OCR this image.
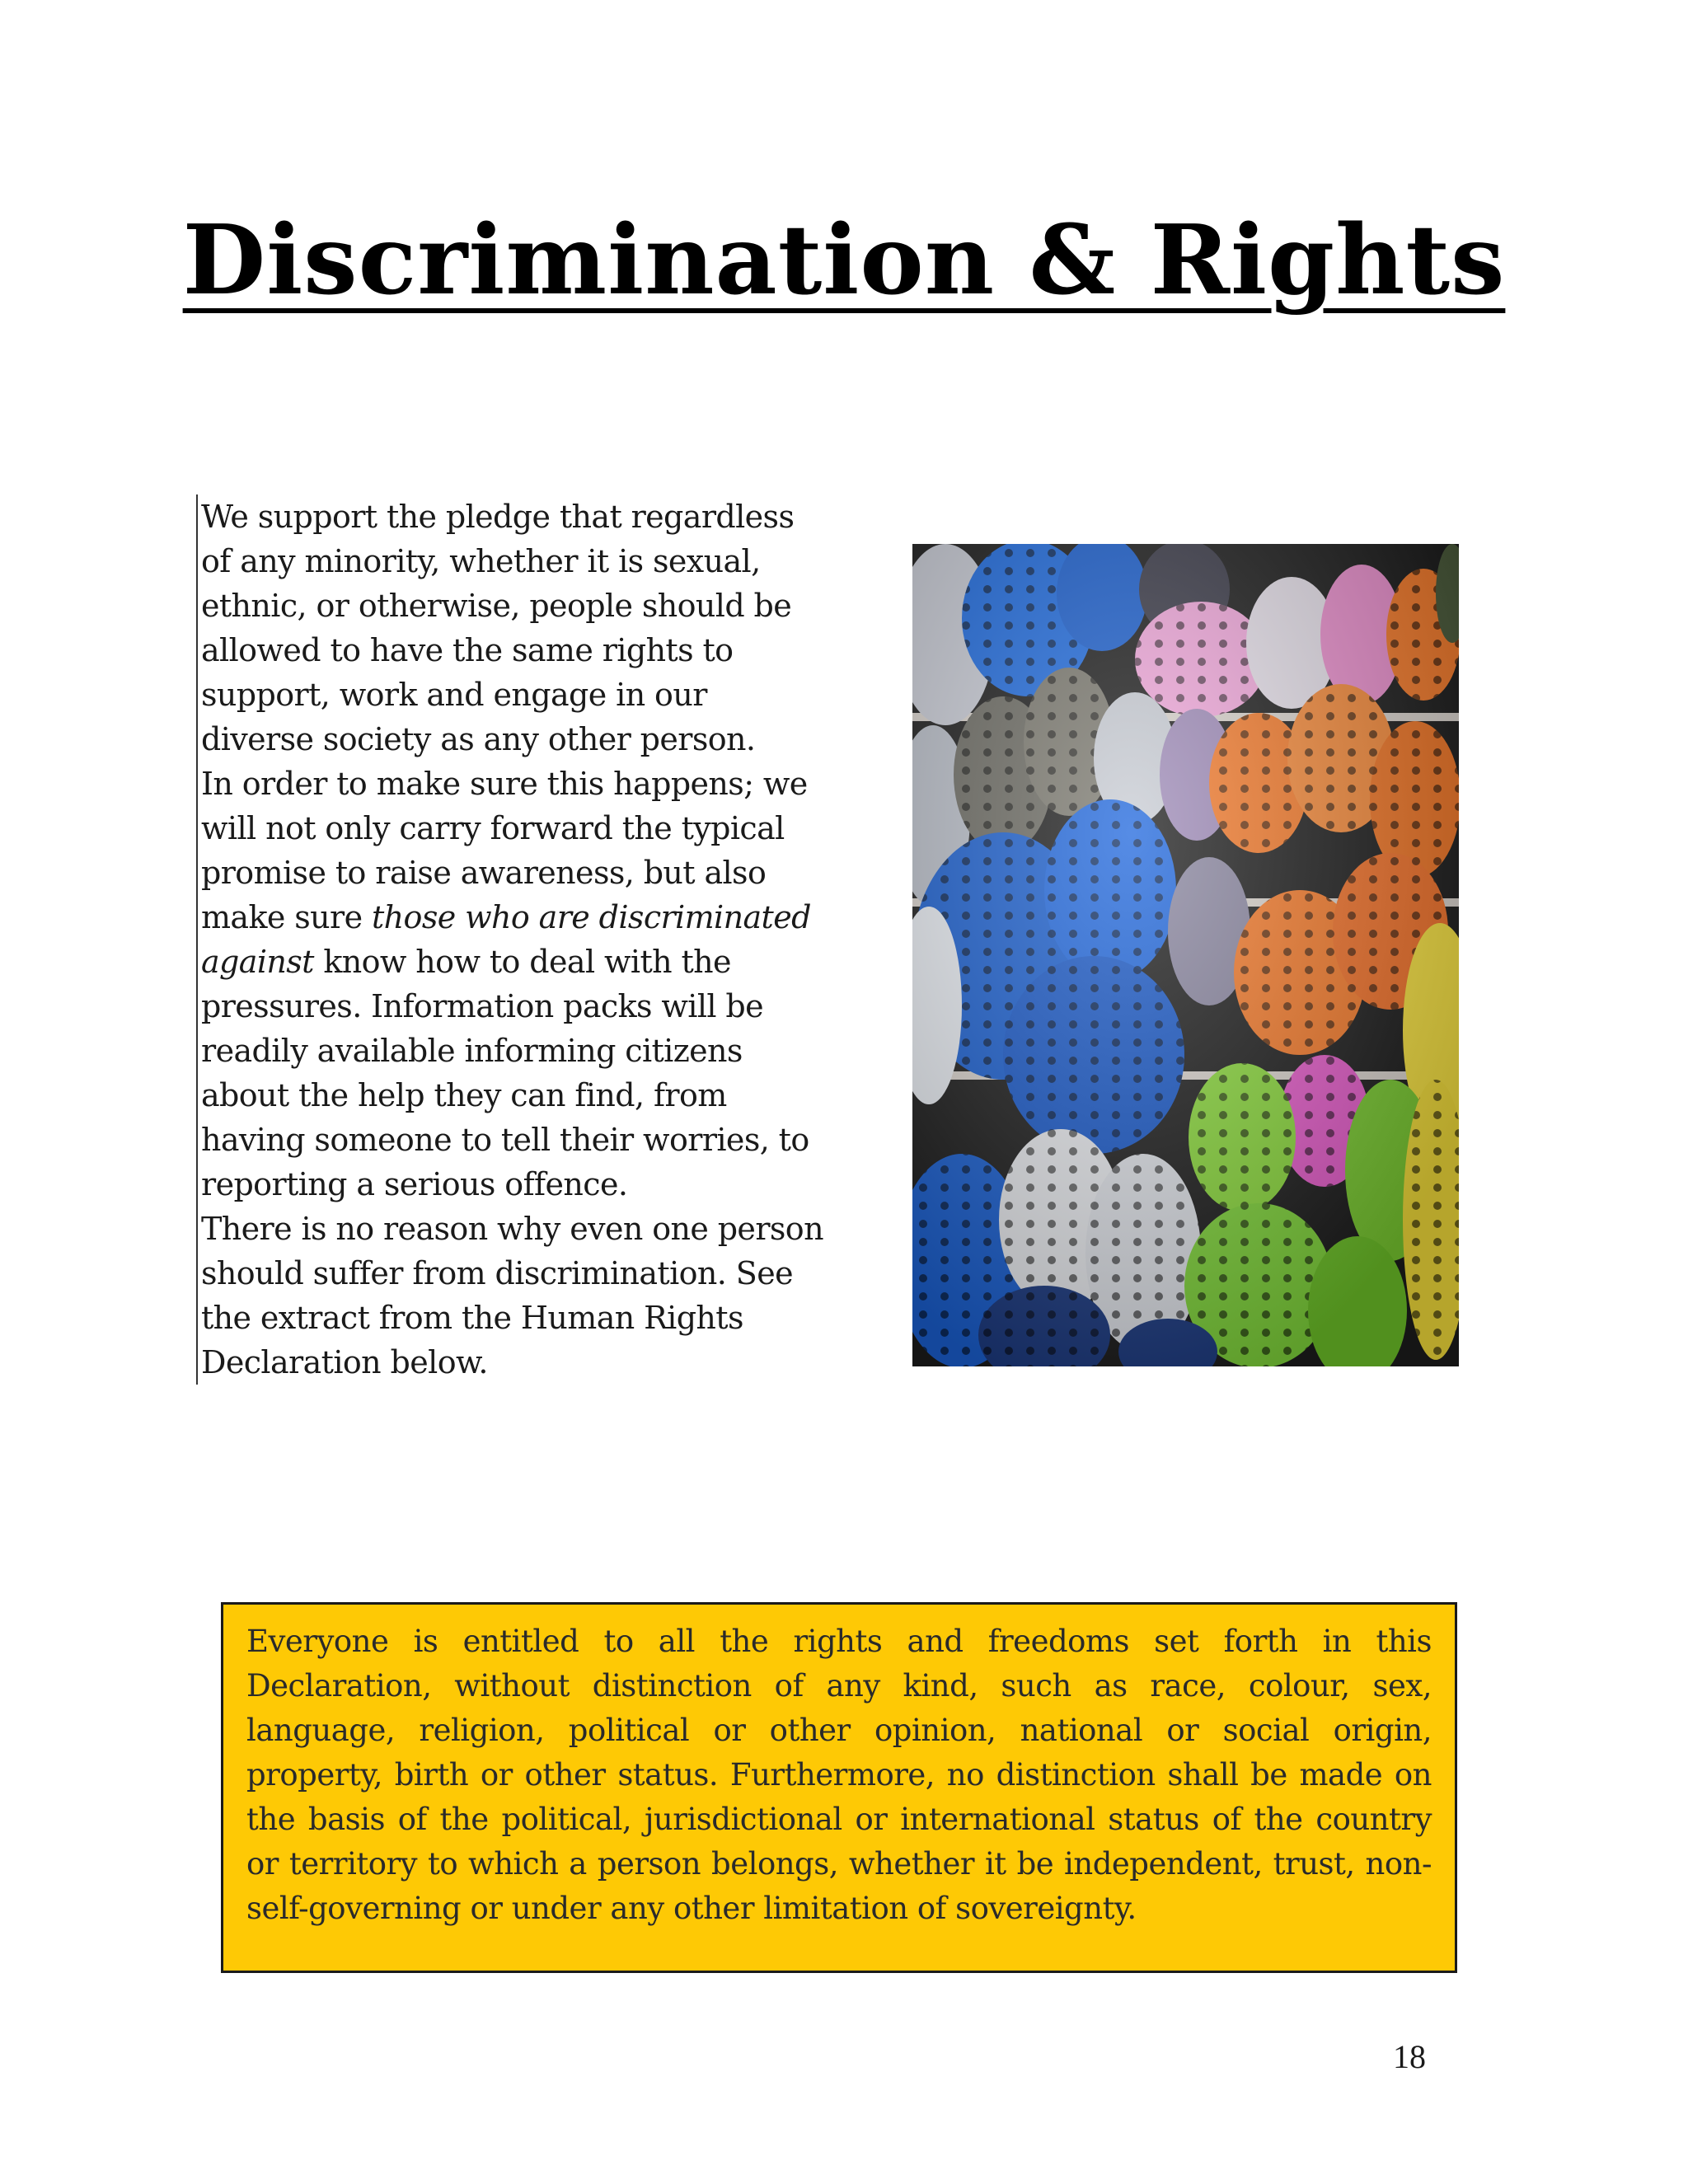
Discrimination & Rights

We support the pledge that regardless of any minority, whether it is sexual, ethnic, or otherwise, people should be allowed to have the same rights to support, work and engage in our diverse society as any other person.

In order to make sure this happens; we will not only carry forward the typical promise to raise awareness, but also make sure those who are discriminated against know how to deal with the pressures. Information packs will be readily available informing citizens about the help they can find, from having someone to tell their worries, to reporting a serious offence.

There is no reason why even one person should suffer from discrimination. See the extract from the Human Rights Declaration below.

Everyone is entitled to all the rights and freedoms set forth in this Declaration, without distinction of any kind, such as race, colour, sex, language, religion, political or other opinion, national or social origin, property, birth or other status. Furthermore, no distinction shall be made on the basis of the political, jurisdictional or international status of the country or territory to which a person belongs, whether it be independent, trust, non-self-governing or under any other limitation of sovereignty.
18
